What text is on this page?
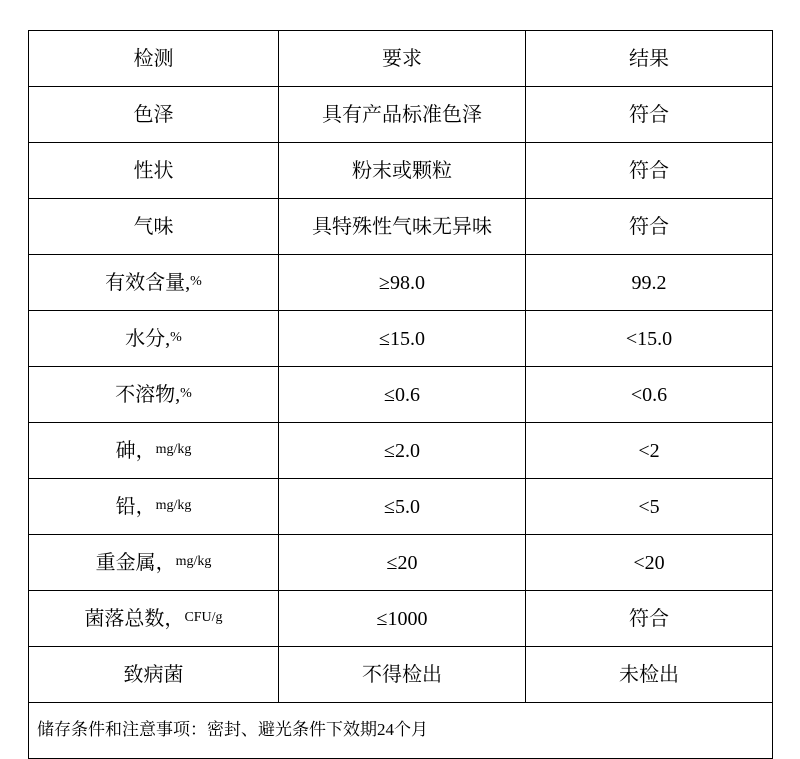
检测	要求	结果

色泽	具有产品标准色泽	符合

性状	粉末或颗粒	符合

气味	具特殊性气味无异味	符合

有效含量, %	≥98.0	99.2

水分, %	≤15.0	<15.0

不溶物, %	≤0.6	<0.6

砷， mg/kg	≤2.0	<2

铅， mg/kg	≤5.0	<5

重金属， mg/kg	≤20	<20

菌落总数， CFU/g	≤1000	符合

致病菌	不得检出	未检出

储存条件和注意事项：密封、避光条件下效期24个月		
